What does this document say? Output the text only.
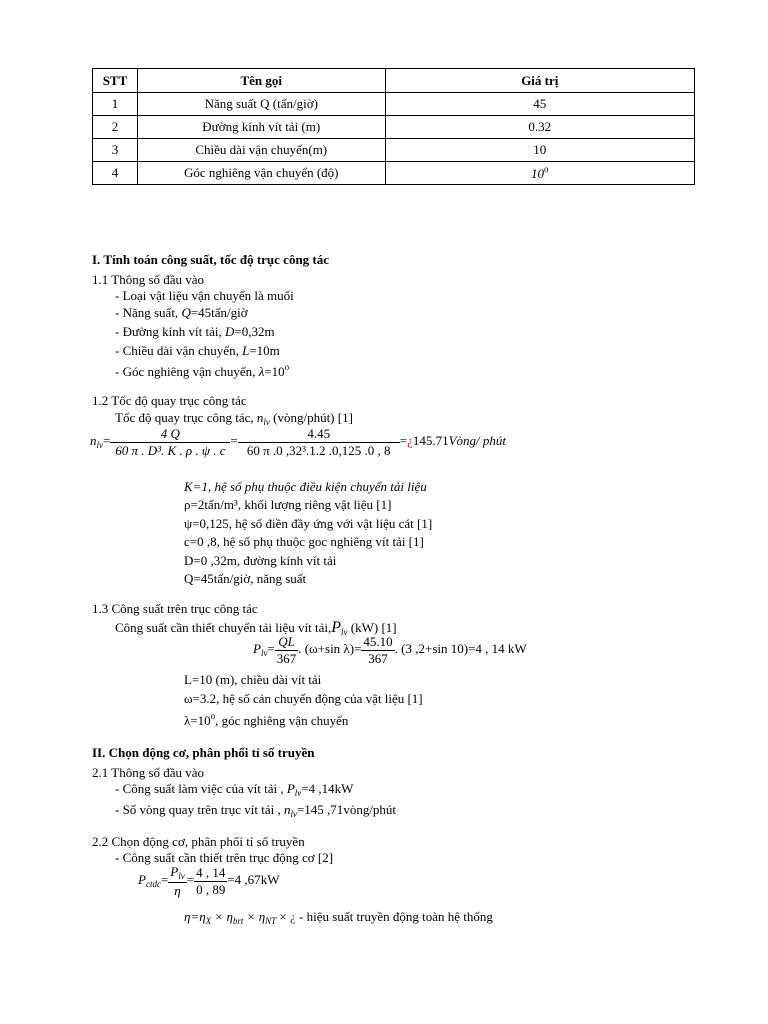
STT	Tên gọi	Giá trị
1	Năng suất Q (tấn/giờ)	45
2	Đường kính vít tải (m)	0.32
3	Chiều dài vận chuyển(m)	10
4	Góc nghiêng vận chuyển (độ)	10$^o$
I. Tính toán công suất, tốc độ trục công tác
1.1 Thông số đầu vào
- Loại vật liệu vận chuyển là muối
- Năng suất, Q=45tấn/giờ
- Đường kính vít tải, D=0,32m
- Chiều dài vận chuyển, L=10m
- Góc nghiêng vận chuyển, $\lambda=10^o$
1.2 Tốc độ quay trục công tác
Tốc độ quay trục công tác, $n_{lv}$ (vòng/phút) [1]
$n_{lv}= \frac{4 Q}{\text{60 π . D³. K . ρ . ψ . c}} = \frac{4.45}{\text{60 π .0 ,32³.1.2 .0,125 .0 , 8}}$ =¿145.71Vòng/ phút
K=1, hệ số phụ thuộc điều kiện chuyển tải liệu
ρ=2tấn/m³, khối lượng riêng vật liệu [1]
ψ=0,125, hệ số điền đầy ứng với vật liệu cát [1]
c=0 ,8, hệ số phụ thuộc goc nghiêng vít tải [1]
D=0 ,32m, đường kính vít tải
Q=45tấn/giờ, năng suất
1.3 Công suất trên trục công tác
Công suất cần thiết chuyển tải liệu vít $tải,P_{lv}$ (kW) [1]
$P_{lv}= \frac{QL}{367}$ . (ω+sin $\lambda)= \frac{45.10}{367}$ . (3 ,2+sin 10)=4 , 14 kW
L=10 (m), chiều dài vít tải
ω=3.2, hệ số cản chuyển động của vật liệu [1]
$\lambda=10^o$, góc nghiêng vận chuyển
II. Chọn động cơ, phân phối tỉ số truyền
2.1 Thông số đầu vào
- Công suất làm việc của vít tải , $P_{lv}=4$ ,14kW
- Số vòng quay trên trục vít tải , $n_{lv}=145$ ,71vòng/phút
2.2 Chọn động cơ, phân phối tỉ số truyền
- Công suất cần thiết trên trục động cơ [2]
$P_{ctdc}= \frac{P_{lv}}{\eta} = \frac{4 , 14}{0 , 89} =4$ ,67kW
$\eta=\eta_X \times \eta_{brt} \times \eta_{NT}$ × ¿ - hiệu suất truyền động toàn hệ thống
